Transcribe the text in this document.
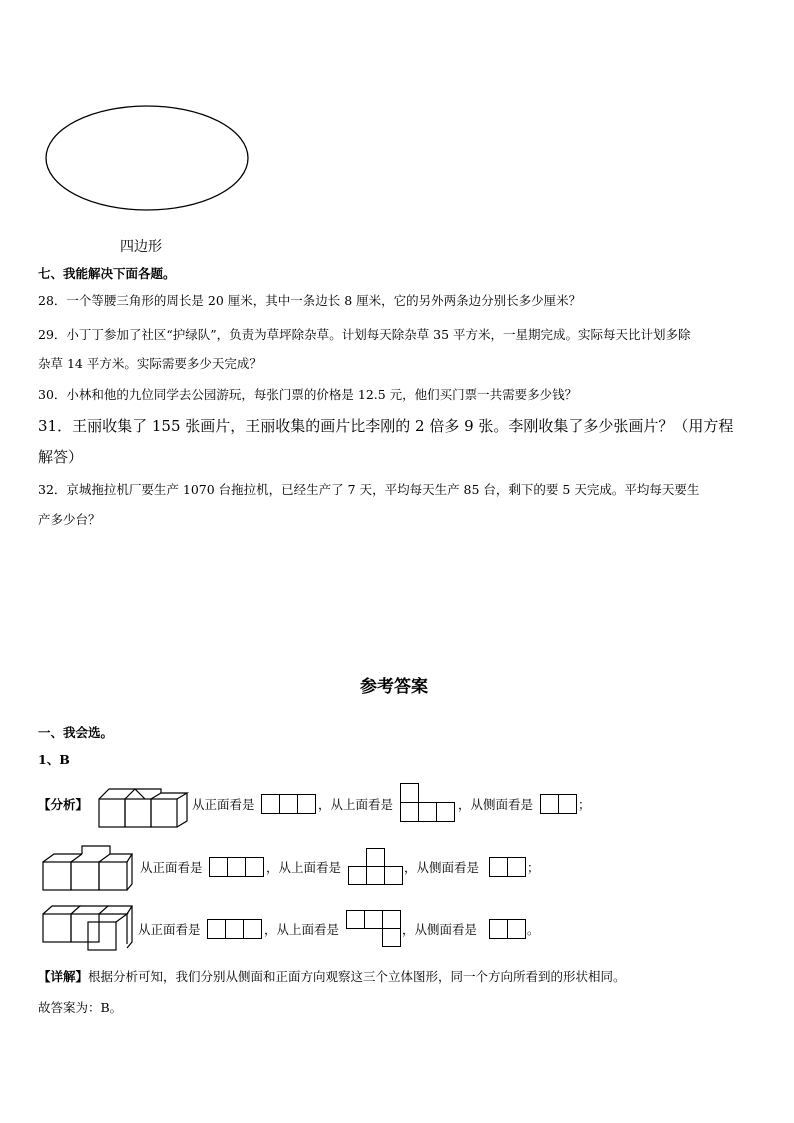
四边形
七、我能解决下面各题。
28．一个等腰三角形的周长是 20 厘米，其中一条边长 8 厘米，它的另外两条边分别长多少厘米？
29．小丁丁参加了社区“护绿队”，负责为草坪除杂草。计划每天除杂草 35 平方米，一星期完成。实际每天比计划多除
杂草 14 平方米。实际需要多少天完成？
30．小林和他的九位同学去公园游玩，每张门票的价格是 12.5 元，他们买门票一共需要多少钱？
31．王丽收集了 155 张画片，王丽收集的画片比李刚的 2 倍多 9 张。李刚收集了多少张画片？（用方程
解答）
32．京城拖拉机厂要生产 1070 台拖拉机，已经生产了 7 天，平均每天生产 85 台，剩下的要 5 天完成。平均每天要生
产多少台？
参考答案
一、我会选。
1、B
【分析】	从正面看是	，从上面看是	，从侧面看是	；
从正面看是	，从上面看是	，从侧面看是	；
从正面看是	，从上面看是	，从侧面看是	。
【详解】根据分析可知，我们分别从侧面和正面方向观察这三个立体图形，同一个方向所看到的形状相同。
故答案为：B。
